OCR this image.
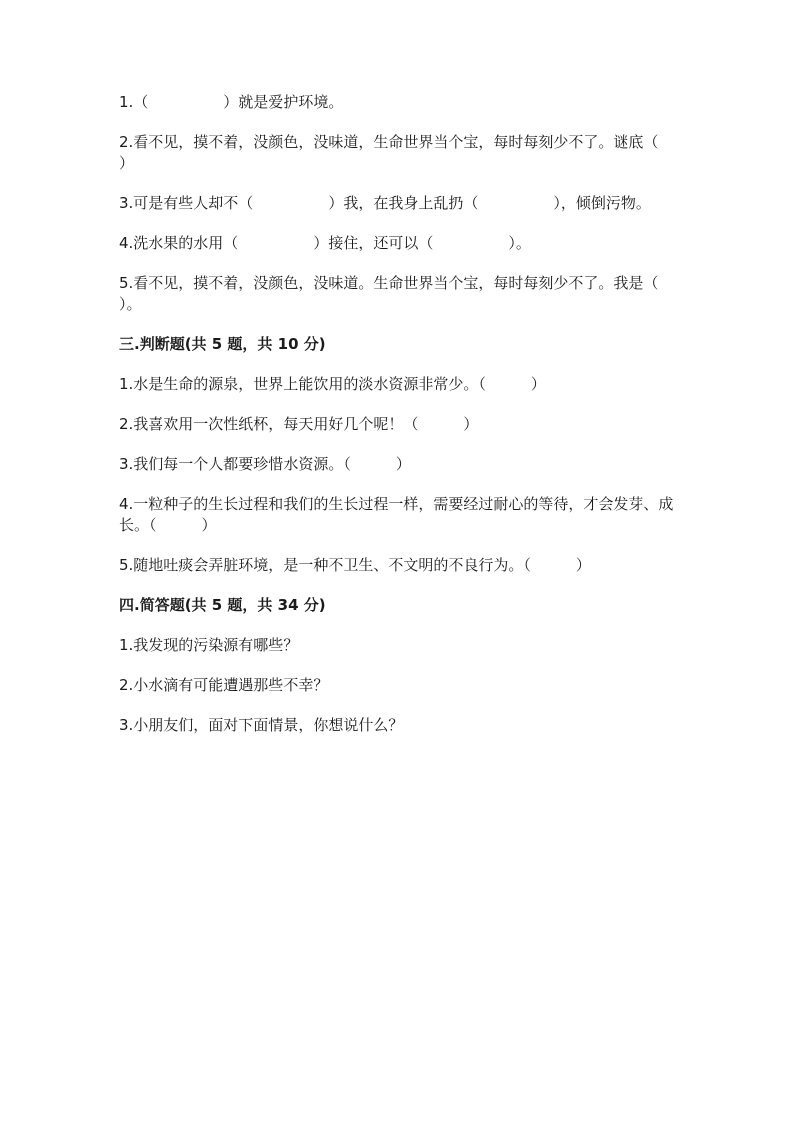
1.（　　　　　）就是爱护环境。

2.看不见，摸不着，没颜色，没味道，生命世界当个宝，每时每刻少不了。谜底（　　　　　）

3.可是有些人却不（　　　　　）我，在我身上乱扔（　　　　　），倾倒污物。

4.洗水果的水用（　　　　　）接住，还可以（　　　　　）。

5.看不见，摸不着，没颜色，没味道。生命世界当个宝，每时每刻少不了。我是（　　　　　）。

三.判断题(共 5 题，共 10 分)

1.水是生命的源泉，世界上能饮用的淡水资源非常少。（　　　）

2.我喜欢用一次性纸杯，每天用好几个呢！（　　　）

3.我们每一个人都要珍惜水资源。（　　　）

4.一粒种子的生长过程和我们的生长过程一样，需要经过耐心的等待，才会发芽、成长。（　　　）

5.随地吐痰会弄脏环境，是一种不卫生、不文明的不良行为。（　　　）

四.简答题(共 5 题，共 34 分)

1.我发现的污染源有哪些？

2.小水滴有可能遭遇那些不幸？

3.小朋友们，面对下面情景，你想说什么？
